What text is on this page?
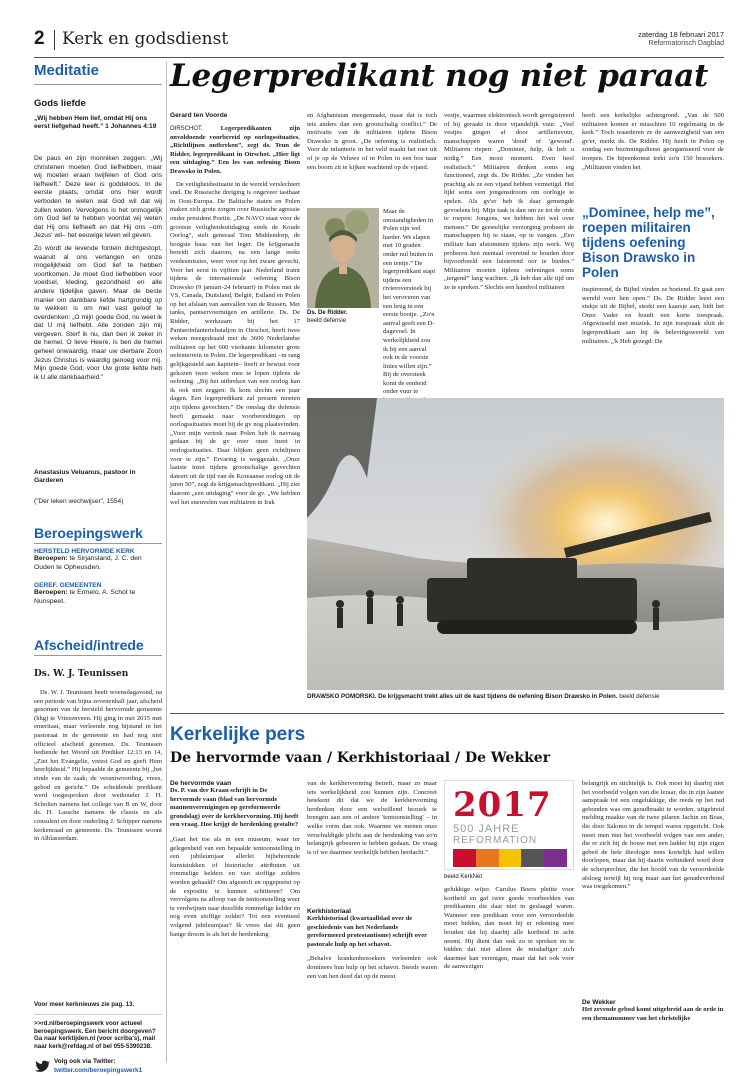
2 Kerk en godsdienst	zaterdag 18 februari 2017
Reformatorisch Dagblad
Meditatie
Gods liefde
„Wij hebben Hem lief, omdat Hij ons eerst liefgehad heeft.” 1 Johannes 4:19

De paus en zijn monniken zeggen: „Wij christenen moeten God liefhebben, maar wij moeten eraan twijfelen of God ons liefheeft.” Deze leer is goddeloos. In de eerste plaats, omdat ons hier wordt verboden te weten wat God wil dat wij zullen weten. Vervolgens is het onmogelijk om God lief te hebben voordat wij weten dat Hij ons liefheeft en dat Hij ons –om Jezus' wil– het eeuwige leven wil geven.

Zo wordt de levende fontein dichtgestopt, waaruit al ons verlangen en onze mogelijkheid om God lief te hebben voortkomen. Je moet God liefhebben voor voedsel, kleding, gezondheid en alle andere tijdelijke gaven. Maar de beste manier om dankbare liefde hartgrondig op te wekken is om met vast geloof te overdenken: „O mijn goede God, nu weet ik dat U mij liefhebt. Alle zonden zijn mij vergeven. Sterf ik nu, dan ben ik zeker in de hemel. O lieve Heere, is ben de hemel geheel onwaardig, maar uw dierbare Zoon Jezus Christus is waardig genoeg voor mij. Mijn goede God, voor Uw grote liefde heb ik U alle dankbaarheid.”

Anastasius Veluanus, pastoor in Garderen
(”Der leken wechwijser”, 1554)
Beroepingswerk
HERSTELD HERVORMDE KERK
Beroepen: te Sirjansland, J. C. den Ouden te Opheusden.
GEREF. GEMEENTEN
Beroepen: te Ermelo, A. Schot te Nunspeet.
Afscheid/intrede
Ds. W. J. Teunissen
Ds. W. J. Teunissen heeft woensdagavond, na een periode van bijna zevenenhalf jaar, afscheid genomen van de hersteld hervormde gemeente (hhg) te Vriezenveen. Hij ging in mei 2015 met emeritaat, maar verleende nog bijstand in het pastoraat in de gemeente en had nog niet officieel afscheid genomen. Ds. Teunissen bediende het Woord uit Prediker 12:13 en 14, „Ziet het Evangelie, vreest God en geeft Hem heerlijkheid.” Hij bepaalde de gemeente bij „het einde van de zaak; de verantwoording, vrees, gebod en gericht.” De scheidende predikant werd toegesproken door wethouder J. H. Scholten namens het college van B en W, door ds. H. Lassche namens de classis en als consulent en door ouderling J. Schipper namens kerkenraad en gemeente. Ds. Teunissen woont in Alblasserdam.
Voor meer kerknieuws zie pag. 13.
>>rd.nl/beroepingswerk voor actueel beroepingswerk. Een bericht doorgeven? Ga naar kerktijden.nl (voor scriba's), mail naar kerk@refdag.nl of bel 055-5390238.
Volg ook via Twitter:
twitter.com/beroepingswerk1
Legerpredikant nog niet paraat
Gerard ten Voorde
OIRSCHOT.	Legerpredikanten zijn onvoldoende voorbereid op oorlogssituaties. „Richtlijnen ontbreken”, zegt ds. Teun de Ridder, legerpredikant in Oirschot. „Hier ligt een uitdaging.” Een les van oefening Bison Drawsko in Polen.
De veiligheidssituatie in de wereld verslechtert snel. De Russische dreiging is ongeveer tastbaar in Oost-Europa. De Baltische staten en Polen maken zich grote zorgen over Russische agressie onder president Poetin. „De NAVO staat voor de grootste veiligheidsuitdaging sinds de Koude Oorlog”, stelt generaal Tom Middendorp, de hoogste baas van het leger. De krijgsmacht bereidt zich daarom, na een lange reeks vredesmissies, weer voor op het zware gevecht. Voor het eerst in vijftien jaar. Nederland traint tijdens de internationale oefening Bison Drawsko (9 januari-24 februari) in Polen met de VS, Canada, Duitsland, België, Estland en Polen op het afslaan van aanvallen van de Russen. Met tanks, pantservoertuigen en artillerie. Ds. De Ridder, werkzaam bij het 17 Pantserinfanteriebataljon in Oirschot, heeft twee weken meegedraaid met de 3600 Nederlandse militairen op het 600 vierkante kilometer grote oefenterrein in Polen. De legerpredikant –in rang gelijkgesteld aan kapitein– heeft er bewust voor gekozen twee weken mee te lopen tijdens de oefening. „Bij het uitbreken van een oorlog kan ik ook niet zeggen: Ik kom slechts een paar dagen. Een legerpredikant zal present moeten zijn tijdens gevechten.” De omslag die defensie heeft gemaakt naar voorbereidingen op oorlogssituaties moet bij de gv nog plaatsvinden. „Voor mijn vertrek naar Polen heb ik navraag gedaan bij de gv over onze inzet in oorlogssituaties. Daar blijken geen richtlijnen voor te zijn.” Ervaring is weggezakt. „Onze laatste inzet tijdens grootschalige gevechten dateert uit de tijd van de Koreaanse oorlog uit de jaren 50”, zegt de krijgsmachtpredikant. „Hij ziet daarom „een uitdaging” voor de gv. „We hebben wel het sneuvelen van militairen in Irak
en Afghanistan meegemaakt, maar dat is toch iets anders dan een grootschalig conflict.” De motivatie van de militairen tijdens Bison Drawsko is groot. „De oefening is realistisch. Voor de infanterie in het veld maakt het niet uit of je op de Veluwe of in Polen in een bos naar een boom zit te kijken wachtend op de vijand.
Ds. De Ridder.
beeld defensie
Maar de omstandigheden in Polen zijn wel harder. We slapen met 10 graden onder nul buiten in een tentje.” De legerpredikant stapt tijdens een rivieroversteek bij het veroveren van een brug in een eerste bootje. „Zo'n aanval geeft een D-dagevoel. In werkelijkheid zou ik bij een aanval ook in de voorste linies willen zijn.” Bij de oversteek komt de eenheid onder vuur te
vestje, waarmee elektronisch wordt geregistreerd of hij geraakt is door vijandelijk vuur. „Veel vestjes gingen af door artillerievuur, manschappen waren 'dood' of 'gewond'. Militairen riepen: „Dominee, help, ik heb u nodig.” Een mooi moment. Even heel realistisch.” Militairen denken soms erg functioneel, zegt ds. De Ridder. „Ze vinden het prachtig als ze een vijand hebben vernietigd. Het lijkt soms een jongensdroom om oorlogje te spelen. Als gv'er heb ik daar gemengde gevoelens bij. Mijn taak is dan om ze tot de orde te roepen: Jongens, we hebben het wel over mensen.” De geestelijke verzorging probeert de manschappen bij te staan, op te vangen. „Een militair kan afstommen tijdens zijn werk. Wij proberen hen mentaal overeind te houden door bijvoorbeeld een luisterend oor te bieden.” Militairen moeten tijdens oefeningen soms „tergend” lang wachten. „Ik heb dan alle tijd om ze te spreken.” Slechts een handvol militairen
heeft een kerkelijke achtergrond. „Van de 500 militairen komen er misschien 10 regelmatig in de kerk.” Toch waarderen ze de aanwezigheid van een gv'er, merkt ds. De Ridder. Hij heeft in Polen op zondag een bezinningsdienst georganiseerd voor de troepen. De bijeenkomst trekt zo'n 150 bezoekers. „Militairen vinden het
„Dominee, help me”, roepen militairen tijdens oefening Bison Drawsko in Polen
inspirerend, de Bijbel vinden ze boeiend. Er gaat een wereld voor hen open.” Ds. De Ridder leest een stukje uit de Bijbel, steekt een kaarsje aan, bidt het Onze Vader en houdt een korte toespraak. Afgewisseld met muziek. In zijn toespraak sluit de legerpredikant aan bij de belevingswereld van militairen. „'k Heb gezegd: De
DRAWSKO POMORSKI. De krijgsmacht trekt alles uit de kast tijdens de oefening Bison Drawsko in Polen. beeld defensie
Kerkelijke pers
De hervormde vaan / Kerkhistoriaal / De Wekker
De hervormde vaan
Ds. P. van der Kraan schrijft in De hervormde vaan (blad van hervormde mannenverenigingen op gereformeerde grondslag) over de kerkhervorming. Hij heeft een vraag. Hoe krijgt de herdenking gestalte?
„Gaat het toe als in een museum, waar ter gelegenheid van een bepaalde tentoonstelling in een jubileumjaar allerlei bijbehorende kunststukken of historische attributen uit rommelige kelders en van stoffige zolders worden gehaald? Om afgestoft en opgepoetst op de expositie te kunnen schitteren? Om vervolgens na afloop van de tentoonstelling weer te verdwijnen naar dezelfde rommelige kelder en nog even stoffige zolder? Tot een eventueel volgend jubileumjaar? Ik vrees dat dit geen bange droom is als het de herdenking
van de kerkhervorming betreft, maar zo maar iets werkelijkheid zou kunnen zijn. Concreet betekent dit dat we de kerkhervorming herdenken door een welwillend bezoek te brengen aan een of andere 'tentoonstelling' – in welke vorm dan ook. Waarnee we menen onze verschuldigde plicht aan de herdenking van zo'n belangrijk gebeuren te hebben gedaan. De vraag is of we daarmee werkelijk hebben herdacht.”
Kerkhistoriaal
Kerkhistoriaal (kwartaalblad over de geschiedenis van het Nederlands gereformeerd protestantisme) schrijft over pastorale hulp op het schavot.
„Behalve krankenbezoekers verleenden ook dominees hun hulp op het schavot. Steeds waren een van hen deed dat op de meest
2017
500 JAHRE
REFORMATION
beeld KerkNet
gelukkige wijze. Carolus Boers pleitte voor kortheid en gaf twee goede voorbeelden van predikanten die daar niet in geslaagd waren. Wanneer een predikant voor een veroordeelde moet bidden, dan moet hij er rekening mee houden dat hij daarbij alle kortheid in acht neemt. Hij dient dan ook zo te spreken en te bidden dat niet alleen de misdadiger zich daarmee kan verenigen, maar dat het ook voor de aanwezigen
belangrijk en stichtelijk is. Ook moet hij daarbij niet het voorbeeld volgen van die leraar, die in zijn laatste aanspraak tot een ongelukkige, die reeds op het rad gebonden was om geradbraakt te worden, uitgebreid melding maakte van de twee pilaren Jachin en Boas, die door Salomo in de tempel waren opgericht. Ook moet men niet het voorbeeld volgen van een ander, die er zich bij de bouw met een ladder bij zijn eigen gebed de hele theologie eens kortelijk had willen doorlopen, maar dat hij daarin verhinderd werd door de scherprechter, die het hoofd van de veroordeelde afsloeg terwijl hij nog maar aan het genadeverbond was toegekomen.”
De Wekker
Het zevende gebod komt uitgebreid aan de orde in een themanummer van het christelijke
